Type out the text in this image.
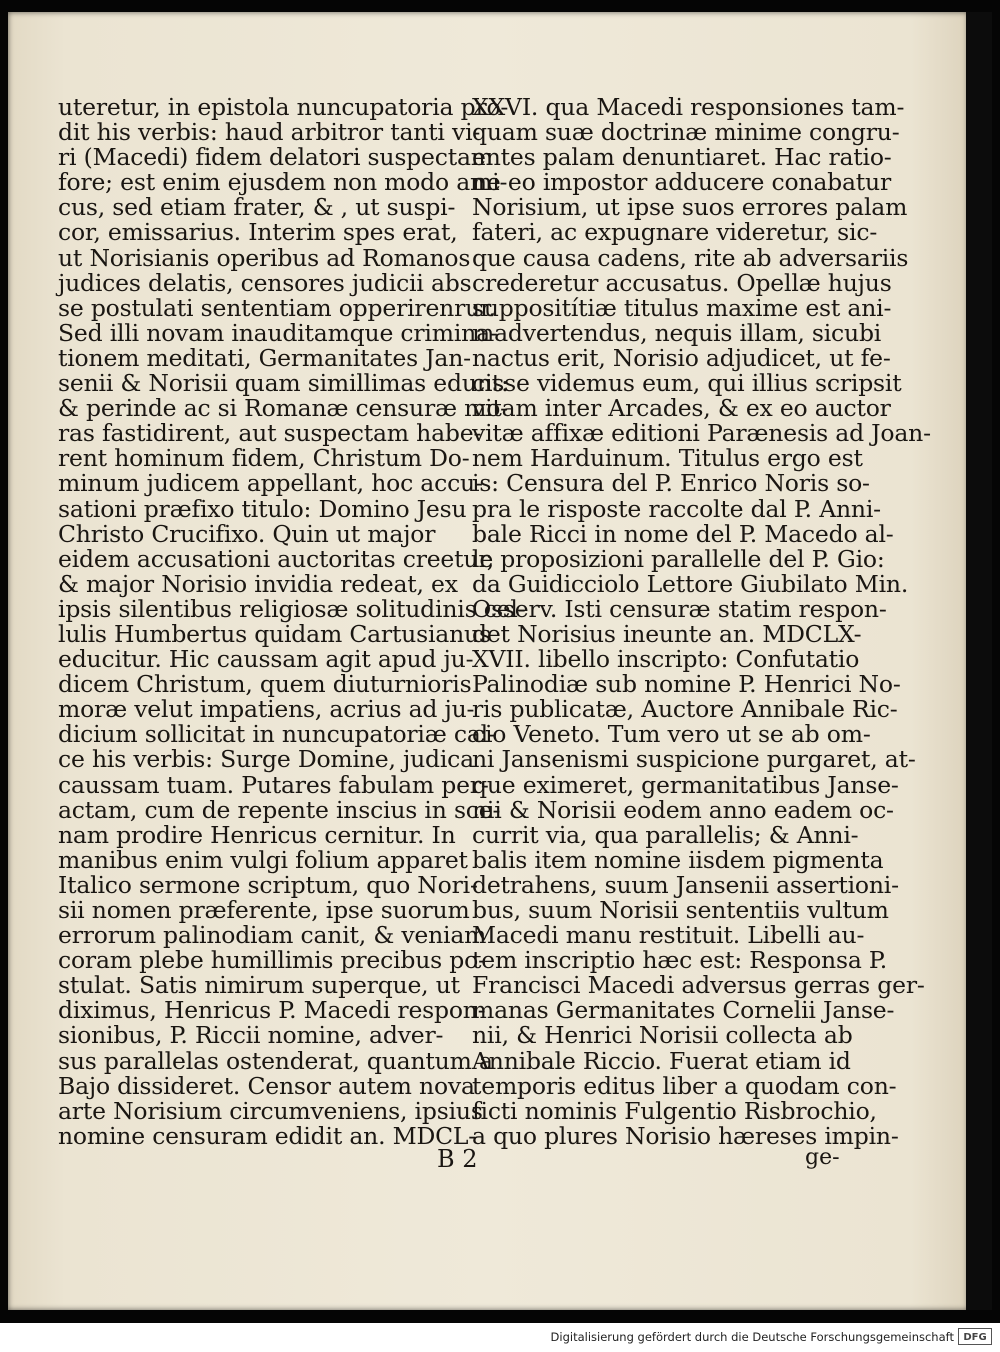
uteretur, in epistola nuncupatoria pro-
dit his verbis: haud arbitror tanti vi-
ri (Macedi) fidem delatori suspectam
fore; est enim ejusdem non modo ami-
cus, sed etiam frater, & , ut suspi-
cor, emissarius. Interim spes erat,
ut Norisianis operibus ad Romanos
judices delatis, censores judicii abs
se postulati sententiam opperirenrur.
Sed illi novam inauditamque crimina-
tionem meditati, Germanitates Jan-
senii & Norisii quam simillimas edunt:
& perinde ac si Romanæ censuræ mo-
ras fastidirent, aut suspectam habe-
rent hominum fidem, Christum Do-
minum judicem appellant, hoc accu-
sationi præfixo titulo: Domino Jesu
Christo Crucifixo. Quin ut major
eidem accusationi auctoritas creetur,
& major Norisio invidia redeat, ex
ipsis silentibus religiosæ solitudinis cel-
lulis Humbertus quidam Cartusianus
educitur. Hic caussam agit apud ju-
dicem Christum, quem diuturnioris
moræ velut impatiens, acrius ad ju-
dicium sollicitat in nuncupatoriæ cal-
ce his verbis: Surge Domine, judica
caussam tuam. Putares fabulam per-
actam, cum de repente inscius in sce-
nam prodire Henricus cernitur. In
manibus enim vulgi folium apparet
Italico sermone scriptum, quo Nori-
sii nomen præferente, ipse suorum
errorum palinodiam canit, & veniam
coram plebe humillimis precibus po-
stulat. Satis nimirum superque, ut
diximus, Henricus P. Macedi respon-
sionibus, P. Riccii nomine, adver-
sus parallelas ostenderat, quantum a
Bajo dissideret. Censor autem nova
arte Norisium circumveniens, ipsius
nomine censuram edidit an. MDCL-
XXVI. qua Macedi responsiones tam-
quam suæ doctrinæ minime congru-
entes palam denuntiaret. Hac ratio-
ne eo impostor adducere conabatur
Norisium, ut ipse suos errores palam
fateri, ac expugnare videretur, sic-
que causa cadens, rite ab adversariis
crederetur accusatus. Opellæ hujus
suppositítiæ titulus maxime est ani-
madvertendus, nequis illam, sicubi
nactus erit, Norisio adjudicet, ut fe-
cisse videmus eum, qui illius scripsit
vitam inter Arcades, & ex eo auctor
vitæ affixæ editioni Parænesis ad Joan-
nem Harduinum. Titulus ergo est
is: Censura del P. Enrico Noris so-
pra le risposte raccolte dal P. Anni-
bale Ricci in nome del P. Macedo al-
le proposizioni parallelle del P. Gio:
da Guidicciolo Lettore Giubilato Min.
Osserv. Isti censuræ statim respon-
det Norisius ineunte an. MDCLX-
XVII. libello inscripto: Confutatio
Palinodiæ sub nomine P. Henrici No-
ris publicatæ, Auctore Annibale Ric-
cio Veneto. Tum vero ut se ab om-
ni Jansenismi suspicione purgaret, at-
que eximeret, germanitatibus Janse-
nii & Norisii eodem anno eadem oc-
currit via, qua parallelis; & Anni-
balis item nomine iisdem pigmenta
detrahens, suum Jansenii assertioni-
bus, suum Norisii sententiis vultum
Macedi manu restituit. Libelli au-
tem inscriptio hæc est: Responsa P.
Francisci Macedi adversus gerras ger-
manas Germanitates Cornelii Janse-
nii, & Henrici Norisii collecta ab
Annibale Riccio. Fuerat etiam id
temporis editus liber a quodam con-
ficti nominis Fulgentio Risbrochio,
a quo plures Norisio hæreses impin-
B 2	ge-
Digitalisierung gefördert durch die Deutsche Forschungsgemeinschaft DFG
